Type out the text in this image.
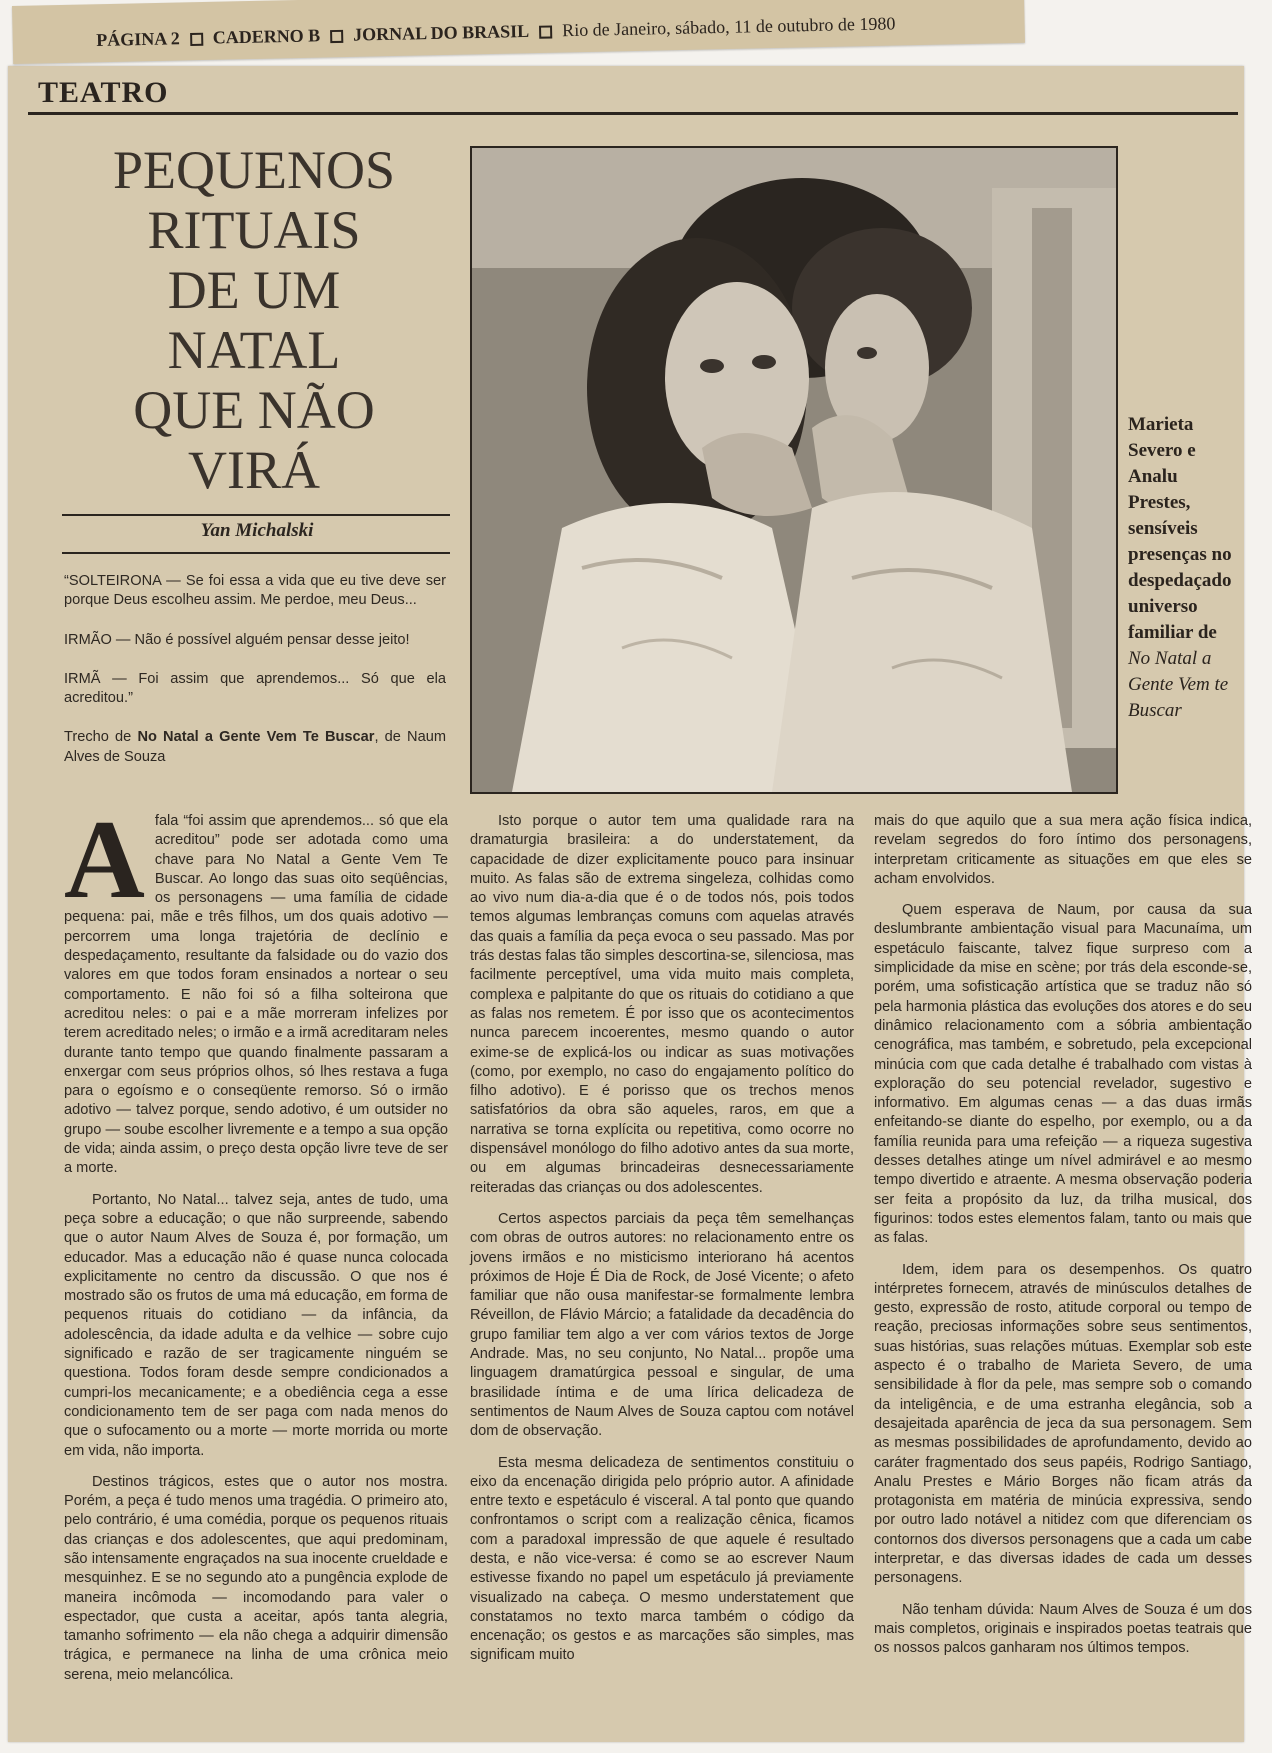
PÁGINA 2 CADERNO B JORNAL DO BRASIL Rio de Janeiro, sábado, 11 de outubro de 1980
TEATRO
PEQUENOS
RITUAIS
DE UM
NATAL
QUE NÃO
VIRÁ
Yan Michalski

“SOLTEIRONA — Se foi essa a vida que eu tive deve ser porque Deus escolheu assim. Me perdoe, meu Deus...

IRMÃO — Não é possível alguém pensar desse jeito!

IRMÃ — Foi assim que aprendemos... Só que ela acreditou.”

Trecho de No Natal a Gente Vem Te Buscar, de Naum Alves de Souza

A fala “foi assim que aprendemos... só que ela acreditou” pode ser adotada como uma chave para No Natal a Gente Vem Te Buscar. Ao longo das suas oito seqüências, os personagens — uma família de cidade pequena: pai, mãe e três filhos, um dos quais adotivo — percorrem uma longa trajetória de declínio e despedaçamento, resultante da falsidade ou do vazio dos valores em que todos foram ensinados a nortear o seu comportamento. E não foi só a filha solteirona que acreditou neles: o pai e a mãe morreram infelizes por terem acreditado neles; o irmão e a irmã acreditaram neles durante tanto tempo que quando finalmente passaram a enxergar com seus próprios olhos, só lhes restava a fuga para o egoísmo e o conseqüente remorso. Só o irmão adotivo — talvez porque, sendo adotivo, é um outsider no grupo — soube escolher livremente e a tempo a sua opção de vida; ainda assim, o preço desta opção livre teve de ser a morte.

Portanto, No Natal... talvez seja, antes de tudo, uma peça sobre a educação; o que não surpreende, sabendo que o autor Naum Alves de Souza é, por formação, um educador. Mas a educação não é quase nunca colocada explicitamente no centro da discussão. O que nos é mostrado são os frutos de uma má educação, em forma de pequenos rituais do cotidiano — da infância, da adolescência, da idade adulta e da velhice — sobre cujo significado e razão de ser tragicamente ninguém se questiona. Todos foram desde sempre condicionados a cumpri-los mecanicamente; e a obediência cega a esse condicionamento tem de ser paga com nada menos do que o sufocamento ou a morte — morte morrida ou morte em vida, não importa.

Destinos trágicos, estes que o autor nos mostra. Porém, a peça é tudo menos uma tragédia. O primeiro ato, pelo contrário, é uma comédia, porque os pequenos rituais das crianças e dos adolescentes, que aqui predominam, são intensamente engraçados na sua inocente crueldade e mesquinhez. E se no segundo ato a pungência explode de maneira incômoda — incomodando para valer o espectador, que custa a aceitar, após tanta alegria, tamanho sofrimento — ela não chega a adquirir dimensão trágica, e permanece na linha de uma crônica meio serena, meio melancólica.

Marieta Severo e Analu Prestes, sensíveis presenças no despedaçado universo familiar de
No Natal a Gente Vem te Buscar

Isto porque o autor tem uma qualidade rara na dramaturgia brasileira: a do understatement, da capacidade de dizer explicitamente pouco para insinuar muito. As falas são de extrema singeleza, colhidas como ao vivo num dia-a-dia que é o de todos nós, pois todos temos algumas lembranças comuns com aquelas através das quais a família da peça evoca o seu passado. Mas por trás destas falas tão simples descortina-se, silenciosa, mas facilmente perceptível, uma vida muito mais completa, complexa e palpitante do que os rituais do cotidiano a que as falas nos remetem. É por isso que os acontecimentos nunca parecem incoerentes, mesmo quando o autor exime-se de explicá-los ou indicar as suas motivações (como, por exemplo, no caso do engajamento político do filho adotivo). E é porisso que os trechos menos satisfatórios da obra são aqueles, raros, em que a narrativa se torna explícita ou repetitiva, como ocorre no dispensável monólogo do filho adotivo antes da sua morte, ou em algumas brincadeiras desnecessariamente reiteradas das crianças ou dos adolescentes.

Certos aspectos parciais da peça têm semelhanças com obras de outros autores: no relacionamento entre os jovens irmãos e no misticismo interiorano há acentos próximos de Hoje É Dia de Rock, de José Vicente; o afeto familiar que não ousa manifestar-se formalmente lembra Réveillon, de Flávio Márcio; a fatalidade da decadência do grupo familiar tem algo a ver com vários textos de Jorge Andrade. Mas, no seu conjunto, No Natal... propõe uma linguagem dramatúrgica pessoal e singular, de uma brasilidade íntima e de uma lírica delicadeza de sentimentos de Naum Alves de Souza captou com notável dom de observação.

Esta mesma delicadeza de sentimentos constituiu o eixo da encenação dirigida pelo próprio autor. A afinidade entre texto e espetáculo é visceral. A tal ponto que quando confrontamos o script com a realização cênica, ficamos com a paradoxal impressão de que aquele é resultado desta, e não vice-versa: é como se ao escrever Naum estivesse fixando no papel um espetáculo já previamente visualizado na cabeça. O mesmo understatement que constatamos no texto marca também o código da encenação; os gestos e as marcações são simples, mas significam muito

mais do que aquilo que a sua mera ação física indica, revelam segredos do foro íntimo dos personagens, interpretam criticamente as situações em que eles se acham envolvidos.

Quem esperava de Naum, por causa da sua deslumbrante ambientação visual para Macunaíma, um espetáculo faiscante, talvez fique surpreso com a simplicidade da mise en scène; por trás dela esconde-se, porém, uma sofisticação artística que se traduz não só pela harmonia plástica das evoluções dos atores e do seu dinâmico relacionamento com a sóbria ambientação cenográfica, mas também, e sobretudo, pela excepcional minúcia com que cada detalhe é trabalhado com vistas à exploração do seu potencial revelador, sugestivo e informativo. Em algumas cenas — a das duas irmãs enfeitando-se diante do espelho, por exemplo, ou a da família reunida para uma refeição — a riqueza sugestiva desses detalhes atinge um nível admirável e ao mesmo tempo divertido e atraente. A mesma observação poderia ser feita a propósito da luz, da trilha musical, dos figurinos: todos estes elementos falam, tanto ou mais que as falas.

Idem, idem para os desempenhos. Os quatro intérpretes fornecem, através de minúsculos detalhes de gesto, expressão de rosto, atitude corporal ou tempo de reação, preciosas informações sobre seus sentimentos, suas histórias, suas relações mútuas. Exemplar sob este aspecto é o trabalho de Marieta Severo, de uma sensibilidade à flor da pele, mas sempre sob o comando da inteligência, e de uma estranha elegância, sob a desajeitada aparência de jeca da sua personagem. Sem as mesmas possibilidades de aprofundamento, devido ao caráter fragmentado dos seus papéis, Rodrigo Santiago, Analu Prestes e Mário Borges não ficam atrás da protagonista em matéria de minúcia expressiva, sendo por outro lado notável a nitidez com que diferenciam os contornos dos diversos personagens que a cada um cabe interpretar, e das diversas idades de cada um desses personagens.

Não tenham dúvida: Naum Alves de Souza é um dos mais completos, originais e inspirados poetas teatrais que os nossos palcos ganharam nos últimos tempos.
